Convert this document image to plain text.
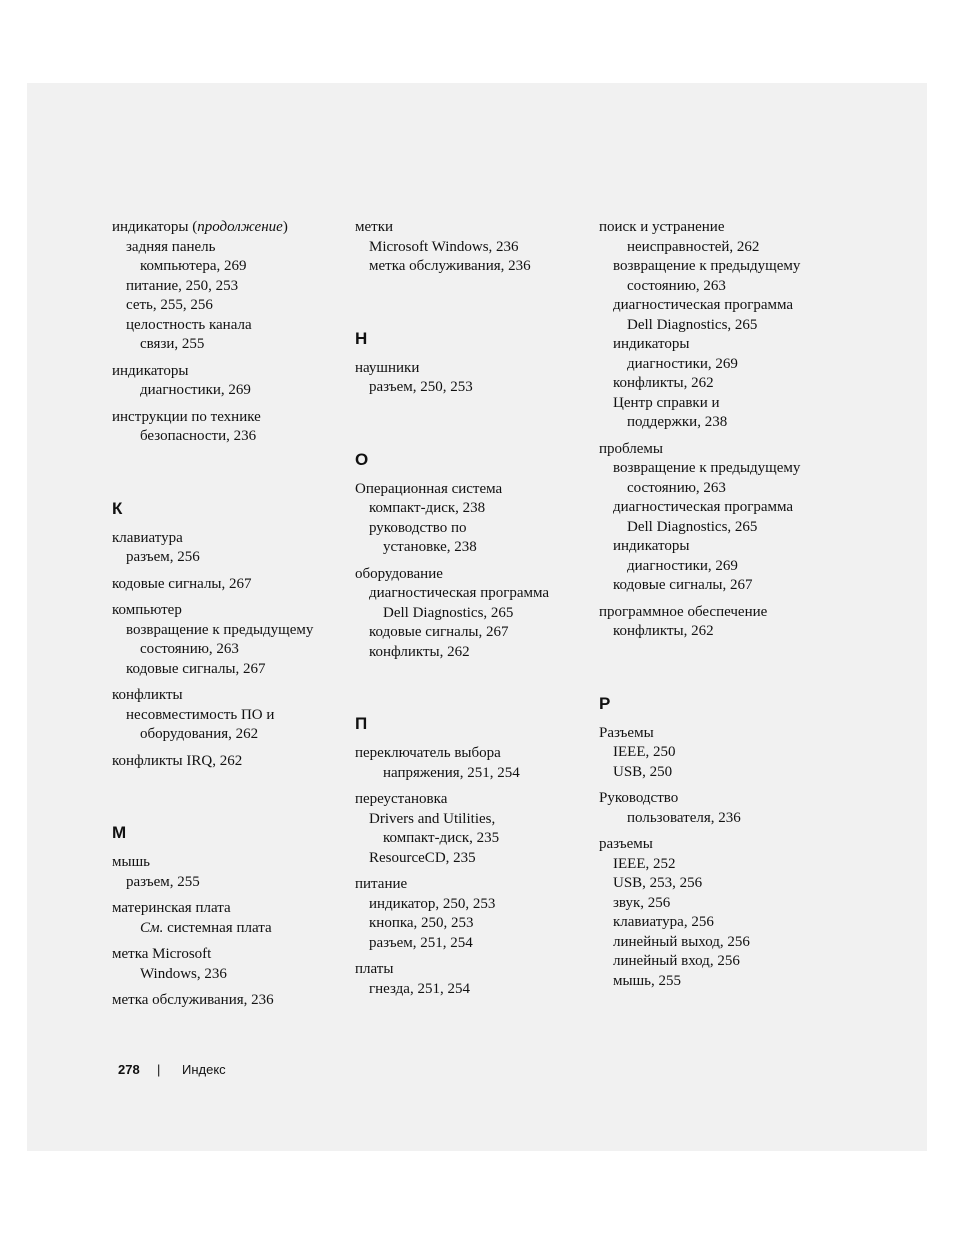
индикаторы (продолжение)
задняя панель
компьютера, 269
питание, 250, 253
сеть, 255, 256
целостность канала
связи, 255
индикаторы
диагностики, 269
инструкции по технике
безопасности, 236
К
клавиатура
разъем, 256
кодовые сигналы, 267
компьютер
возвращение к предыдущему
состоянию, 263
кодовые сигналы, 267
конфликты
несовместимость ПО и
оборудования, 262
конфликты IRQ, 262
М
мышь
разъем, 255
материнская плата
См. системная плата
метка Microsoft
Windows, 236
метка обслуживания, 236
метки
Microsoft Windows, 236
метка обслуживания, 236
Н
наушники
разъем, 250, 253
О
Операционная система
компакт-диск, 238
руководство по
установке, 238
оборудование
диагностическая программа
Dell Diagnostics, 265
кодовые сигналы, 267
конфликты, 262
П
переключатель выбора
напряжения, 251, 254
переустановка
Drivers and Utilities,
компакт-диск, 235
ResourceCD, 235
питание
индикатор, 250, 253
кнопка, 250, 253
разъем, 251, 254
платы
гнезда, 251, 254
поиск и устранение
неисправностей, 262
возвращение к предыдущему
состоянию, 263
диагностическая программа
Dell Diagnostics, 265
индикаторы
диагностики, 269
конфликты, 262
Центр справки и
поддержки, 238
проблемы
возвращение к предыдущему
состоянию, 263
диагностическая программа
Dell Diagnostics, 265
индикаторы
диагностики, 269
кодовые сигналы, 267
программное обеспечение
конфликты, 262
Р
Разъемы
IEEE, 250
USB, 250
Руководство
пользователя, 236
разъемы
IEEE, 252
USB, 253, 256
звук, 256
клавиатура, 256
линейный выход, 256
линейный вход, 256
мышь, 255
278 | Индекс
